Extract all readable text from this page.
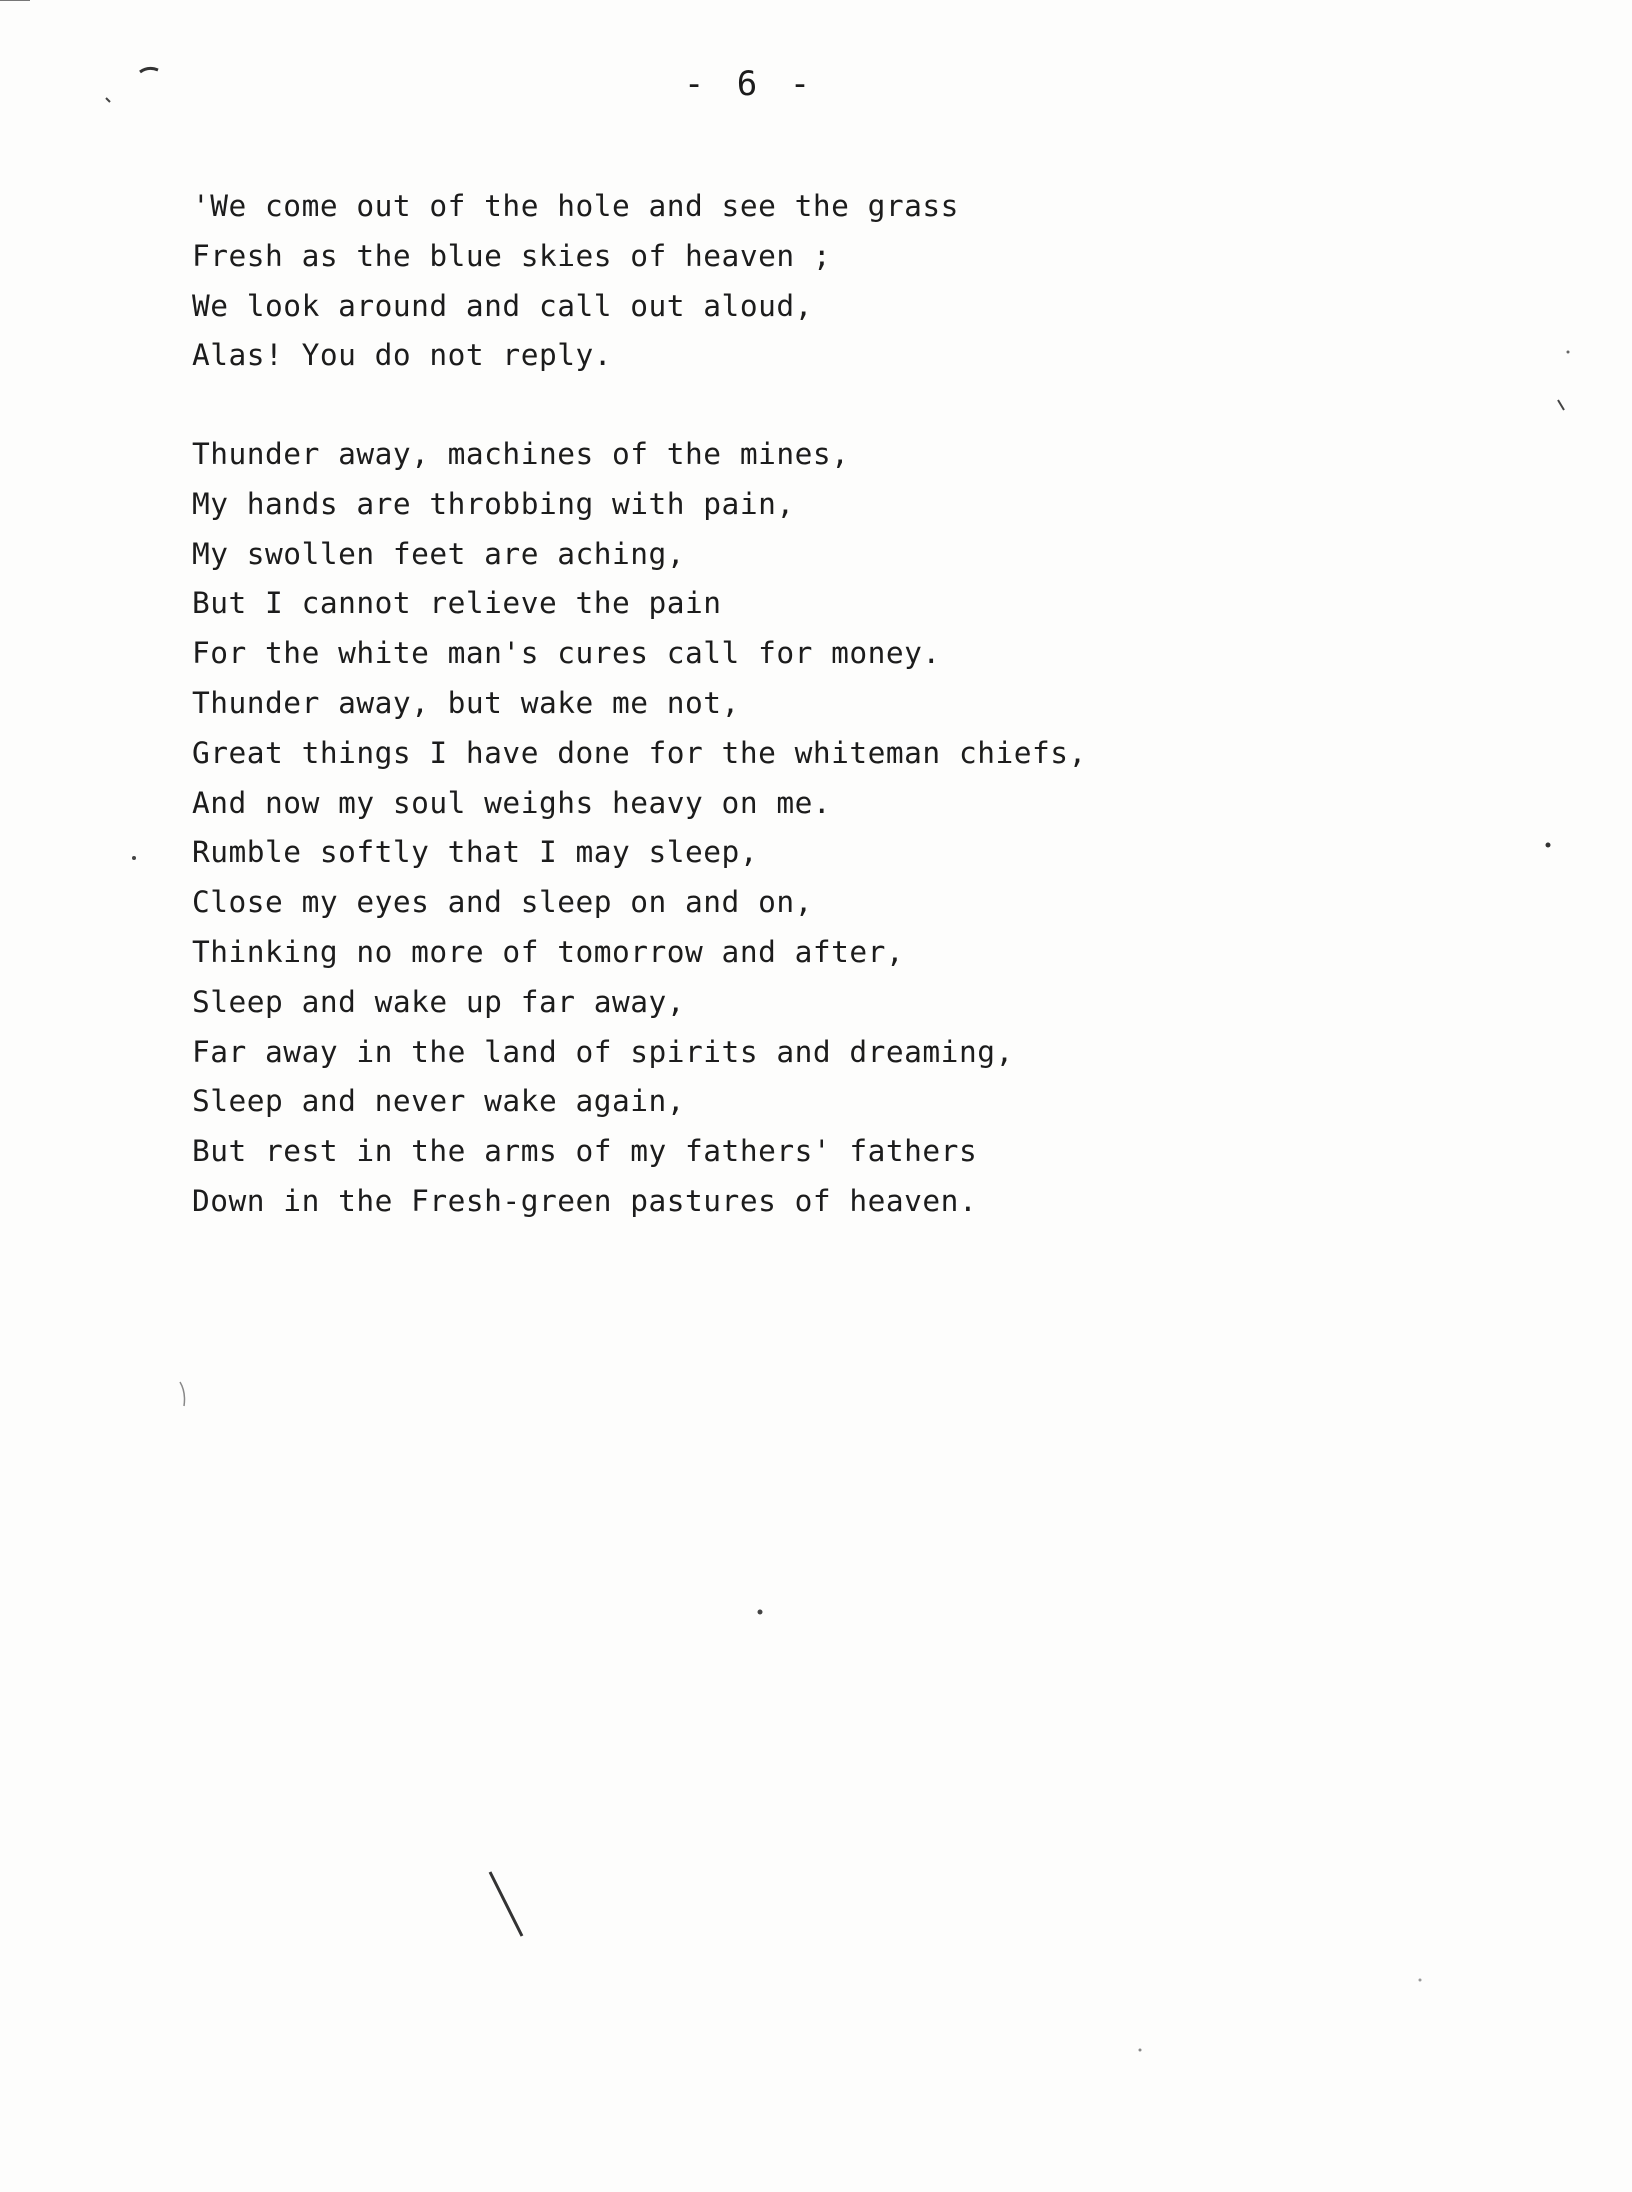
- 6 -
'We come out of the hole and see the grass
Fresh as the blue skies of heaven ;
We look around and call out aloud,
Alas! You do not reply.
Thunder away, machines of the mines,
My hands are throbbing with pain,
My swollen feet are aching,
But I cannot relieve the pain
For the white man's cures call for money.
Thunder away, but wake me not,
Great things I have done for the whiteman chiefs,
And now my soul weighs heavy on me.
Rumble softly that I may sleep,
Close my eyes and sleep on and on,
Thinking no more of tomorrow and after,
Sleep and wake up far away,
Far away in the land of spirits and dreaming,
Sleep and never wake again,
But rest in the arms of my fathers' fathers
Down in the Fresh-green pastures of heaven.
